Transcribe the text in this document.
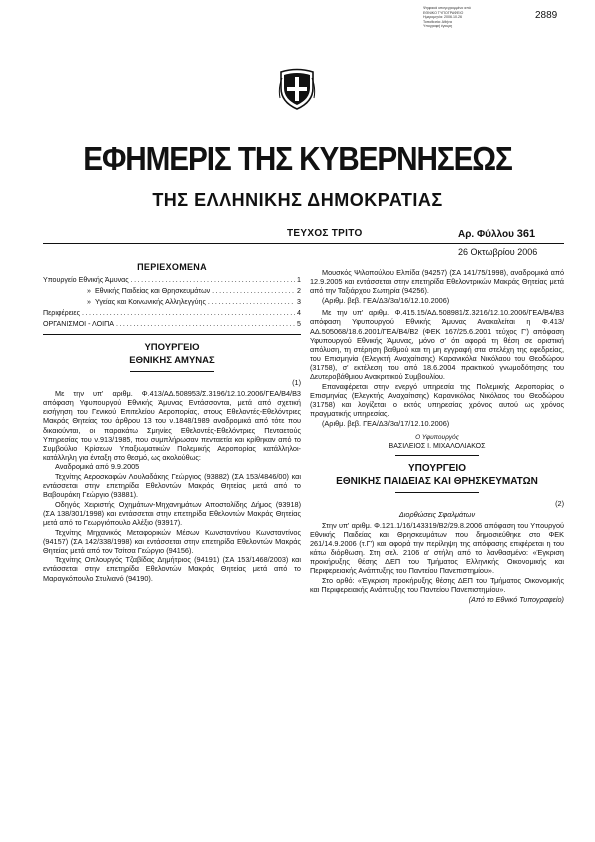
Ψηφιακά υπογεγραμμένο από
ΕΘΝΙΚΟ ΤΥΠΟΓΡΑΦΕΙΟ
Ημερομηνία: 2006.10.26
Τοποθεσία: Αθήνα
Υπογραφή έγκυρη
2889
ΕΦΗΜΕΡΙΣ ΤΗΣ ΚΥΒΕΡΝΗΣΕΩΣ
ΤΗΣ ΕΛΛΗΝΙΚΗΣ ΔΗΜΟΚΡΑΤΙΑΣ
ΤΕΥΧΟΣ ΤΡΙΤΟ	Αρ. Φύλλου 361
26 Οκτωβρίου 2006
ΠΕΡΙΕΧΟΜΕΝΑ
Υπουργείο Εθνικής Άμυνας .....	1
» Εθνικής Παιδείας και Θρησκευμάτων .....	2
» Υγείας και Κοινωνικής Αλληλεγγύης .....	3
Περιφέρειες .....	4
ΟΡΓΑΝΙΣΜΟΙ - ΛΟΙΠΑ .....	5
ΥΠΟΥΡΓΕΙΟ
ΕΘΝΙΚΗΣ ΑΜΥΝΑΣ
(1)

Με την υπ' αριθμ. Φ.413/ΑΔ.508953/Σ.3196/12.10.2006/ΓΕΑ/Β4/Β3 απόφαση Υφυπουργού Εθνικής Άμυνας Εντάσσονται, μετά από σχετική εισήγηση του Γενικού Επιτελείου Αεροπορίας, στους Εθελοντές-Εθελόντριες Μακράς Θητείας του άρθρου 13 του ν.1848/1989 αναδρομικά από τότε που δικαιούνται, οι παρακάτω Σμηνίες Εθελοντές-Εθελόντριες Πενταετούς Υπηρεσίας του ν.913/1985, που συμπλήρωσαν πενταετία και κρίθηκαν από το Συμβούλιο Κρίσεων Υπαξιωματικών Πολεμικής Αεροπορίας κατάλληλοι-κατάλληλη για ένταξη στο θεσμό, ως ακολούθως:

Αναδρομικά από 9.9.2005

Τεχνίτης Αεροσκαφών Λουλαδάκης Γεώργιος (93882) (ΣΑ 153/4846/00) και εντάσσεται στην επετηρίδα Εθελοντών Μακράς Θητείας μετά από το Βαβουράκη Γεώργιο (93881).

Οδηγός Χειριστής Οχημάτων-Μηχανημάτων Αποστολίδης Δήμος (93918) (ΣΑ 138/301/1998) και εντάσσεται στην επετηρίδα Εθελοντών Μακράς Θητείας μετά από το Γεωργιόπουλο Αλέξιο (93917).

Τεχνίτης Μηχανικός Μεταφορικών Μέσων Κωνσταντίνου Κωνσταντίνος (94157) (ΣΑ 142/338/1998) και εντάσσεται στην επετηρίδα Εθελοντών Μακράς Θητείας μετά από τον Τσίτσα Γεώργιο (94156).

Τεχνίτης Οπλουργός Τζαβίδας Δημήτριος (94191) (ΣΑ 153/1468/2003) και εντάσσεται στην επετηρίδα Εθελοντών Μακράς Θητείας μετά από το Μαραγκόπουλο Στυλιανό (94190).

Μουσκός Ψιλοπούλου Ελπίδα (94257) (ΣΑ 141/75/1998), αναδρομικά από 12.9.2005 και εντάσσεται στην επετηρίδα Εθελοντρικών Μακράς Θητείας μετά από την Ταξιάρχου Σωτηρία (94256).

(Αριθμ. βεβ. ΓΕΑ/Δ3/3α/16/12.10.2006)

Με την υπ' αριθμ. Φ.415.15/ΑΔ.508981/Σ.3216/12.10.2006/ΓΕΑ/Β4/Β3 απόφαση Υφυπουργού Εθνικής Άμυνας Ανακαλείται η Φ.413/ΑΔ.505068/18.6.2001/ΓΕΑ/Β4/Β2 (ΦΕΚ 167/25.6.2001 τεύχος Γ') απόφαση Υφυπουργού Εθνικής Άμυνας, μόνο σ' ότι αφορά τη θέση σε οριστική απόλυση, τη στέρηση βαθμού και τη μη εγγραφή στα στελέχη της εφεδρείας, του Επισμηνία (Ελεγκτή Αναχαίτισης) Καρανικόλα Νικόλαου του Θεοδώρου (31758), σ' εκτέλεση του από 18.6.2004 πρακτικού γνωμοδότησης του Δευτεροβάθμιου Ανακριτικού Συμβουλίου.

Επαναφέρεται στην ενεργό υπηρεσία της Πολεμικής Αεροπορίας ο Επισμηνίας (Ελεγκτής Αναχαίτισης) Καρανικόλας Νικόλαος του Θεοδώρου (31758) και λογίζεται ο εκτός υπηρεσίας χρόνος αυτού ως χρόνος πραγματικής υπηρεσίας.

(Αριθμ. βεβ. ΓΕΑ/Δ3/3α/17/12.10.2006)

Ο Υφυπουργός
ΒΑΣΙΛΕΙΟΣ Ι. ΜΙΧΑΛΟΛΙΑΚΟΣ
ΥΠΟΥΡΓΕΙΟ
ΕΘΝΙΚΗΣ ΠΑΙΔΕΙΑΣ ΚΑΙ ΘΡΗΣΚΕΥΜΑΤΩΝ
(2)
Διορθώσεις Σφαλμάτων

Στην υπ' αριθμ. Φ.121.1/16/143319/Β2/29.8.2006 απόφαση του Υπουργού Εθνικής Παιδείας και Θρησκευμάτων που δημοσιεύθηκε στο ΦΕΚ 261/14.9.2006 (τ.Γ') και αφορά την περίληψη της απόφασης επιφέρεται η του κάτω διόρθωση. Στη σελ. 2106 α' στήλη από το λανθασμένο: «Έγκριση προκήρυξης θέσης ΔΕΠ του Τμήματος Ελληνικής Οικονομικής και Περιφερειακής Ανάπτυξης του Παντείου Πανεπιστημίου».

Στο ορθό: «Έγκριση προκήρυξης θέσης ΔΕΠ του Τμήματος Οικονομικής και Περιφερειακής Ανάπτυξης του Παντείου Πανεπιστημίου».

(Από το Εθνικό Τυπογραφείο)
